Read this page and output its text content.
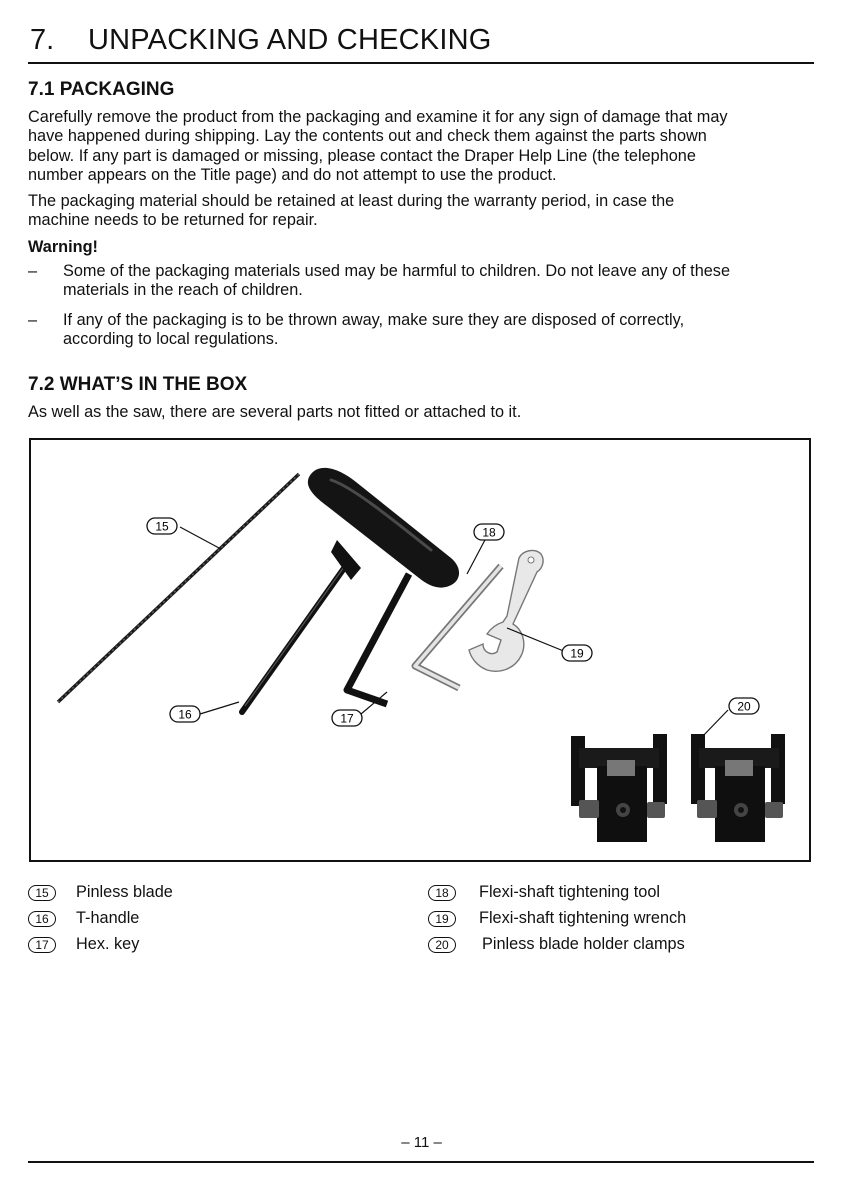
7. UNPACKING AND CHECKING
7.1 PACKAGING

Carefully remove the product from the packaging and examine it for any sign of damage that may
have happened during shipping. Lay the contents out and check them against the parts shown
below. If any part is damaged or missing, please contact the Draper Help Line (the telephone
number appears on the Title page) and do not attempt to use the product.

The packaging material should be retained at least during the warranty period, in case the
machine needs to be returned for repair.

Warning!
– Some of the packaging materials used may be harmful to children. Do not leave any of these
materials in the reach of children.
– If any of the packaging is to be thrown away, make sure they are disposed of correctly,
according to local regulations.
7.2 WHAT’S IN THE BOX

As well as the saw, there are several parts not fitted or attached to it.

15
16	17
18
19
20
15	Pinless blade
16	T-handle
17	Hex. key
18	Flexi-shaft tightening tool
19	Flexi-shaft tightening wrench
20	Pinless blade holder clamps
– 11 –
